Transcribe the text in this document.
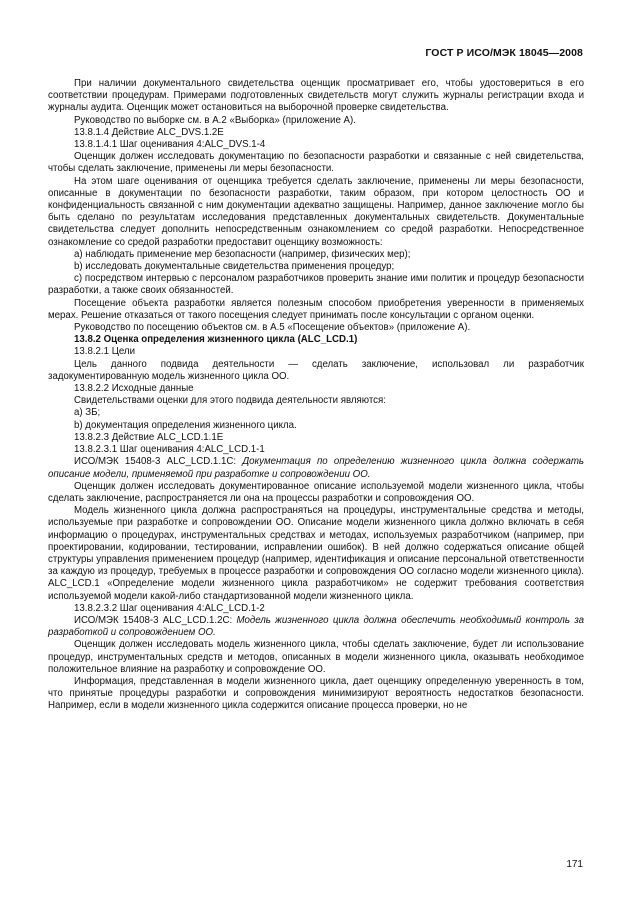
ГОСТ Р ИСО/МЭК 18045—2008

При наличии документального свидетельства оценщик просматривает его, чтобы удостовериться в его соответствии процедурам. Примерами подготовленных свидетельств могут служить журналы регистрации входа и журналы аудита. Оценщик может остановиться на выборочной проверке свидетельства.

Руководство по выборке см. в А.2 «Выборка» (приложение А).

13.8.1.4 Действие ALC_DVS.1.2E

13.8.1.4.1 Шаг оценивания 4:ALC_DVS.1-4

Оценщик должен исследовать документацию по безопасности разработки и связанные с ней свидетельства, чтобы сделать заключение, применены ли меры безопасности.

На этом шаге оценивания от оценщика требуется сделать заключение, применены ли меры безопасности, описанные в документации по безопасности разработки, таким образом, при котором целостность ОО и конфиденциальность связанной с ним документации адекватно защищены. Например, данное заключение могло бы быть сделано по результатам исследования представленных документальных свидетельств. Документальные свидетельства следует дополнить непосредственным ознакомлением со средой разработки. Непосредственное ознакомление со средой разработки предоставит оценщику возможность:

a) наблюдать применение мер безопасности (например, физических мер);

b) исследовать документальные свидетельства применения процедур;

c) посредством интервью с персоналом разработчиков проверить знание ими политик и процедур безопасности разработки, а также своих обязанностей.

Посещение объекта разработки является полезным способом приобретения уверенности в применяемых мерах. Решение отказаться от такого посещения следует принимать после консультации с органом оценки.

Руководство по посещению объектов см. в А.5 «Посещение объектов» (приложение А).

13.8.2 Оценка определения жизненного цикла (ALC_LCD.1)

13.8.2.1 Цели

Цель данного подвида деятельности — сделать заключение, использовал ли разработчик задокументированную модель жизненного цикла ОО.

13.8.2.2 Исходные данные

Свидетельствами оценки для этого подвида деятельности являются:

a) ЗБ;

b) документация определения жизненного цикла.

13.8.2.3 Действие ALC_LCD.1.1E

13.8.2.3.1 Шаг оценивания 4:ALC_LCD.1-1

ИСО/МЭК 15408-3 ALC_LCD.1.1C: Документация по определению жизненного цикла должна содержать описание модели, применяемой при разработке и сопровождении ОО.

Оценщик должен исследовать документированное описание используемой модели жизненного цикла, чтобы сделать заключение, распространяется ли она на процессы разработки и сопровождения ОО.

Модель жизненного цикла должна распространяться на процедуры, инструментальные средства и методы, используемые при разработке и сопровождении ОО. Описание модели жизненного цикла должно включать в себя информацию о процедурах, инструментальных средствах и методах, используемых разработчиком (например, при проектировании, кодировании, тестировании, исправлении ошибок). В ней должно содержаться описание общей структуры управления применением процедур (например, идентификация и описание персональной ответственности за каждую из процедур, требуемых в процессе разработки и сопровождения ОО согласно модели жизненного цикла). ALC_LCD.1 «Определение модели жизненного цикла разработчиком» не содержит требования соответствия используемой модели какой-либо стандартизованной модели жизненного цикла.

13.8.2.3.2 Шаг оценивания 4:ALC_LCD.1-2

ИСО/МЭК 15408-3 ALC_LCD.1.2C: Модель жизненного цикла должна обеспечить необходимый контроль за разработкой и сопровождением ОО.

Оценщик должен исследовать модель жизненного цикла, чтобы сделать заключение, будет ли использование процедур, инструментальных средств и методов, описанных в модели жизненного цикла, оказывать необходимое положительное влияние на разработку и сопровождение ОО.

Информация, представленная в модели жизненного цикла, дает оценщику определенную уверенность в том, что принятые процедуры разработки и сопровождения минимизируют вероятность недостатков безопасности. Например, если в модели жизненного цикла содержится описание процесса проверки, но не

171
